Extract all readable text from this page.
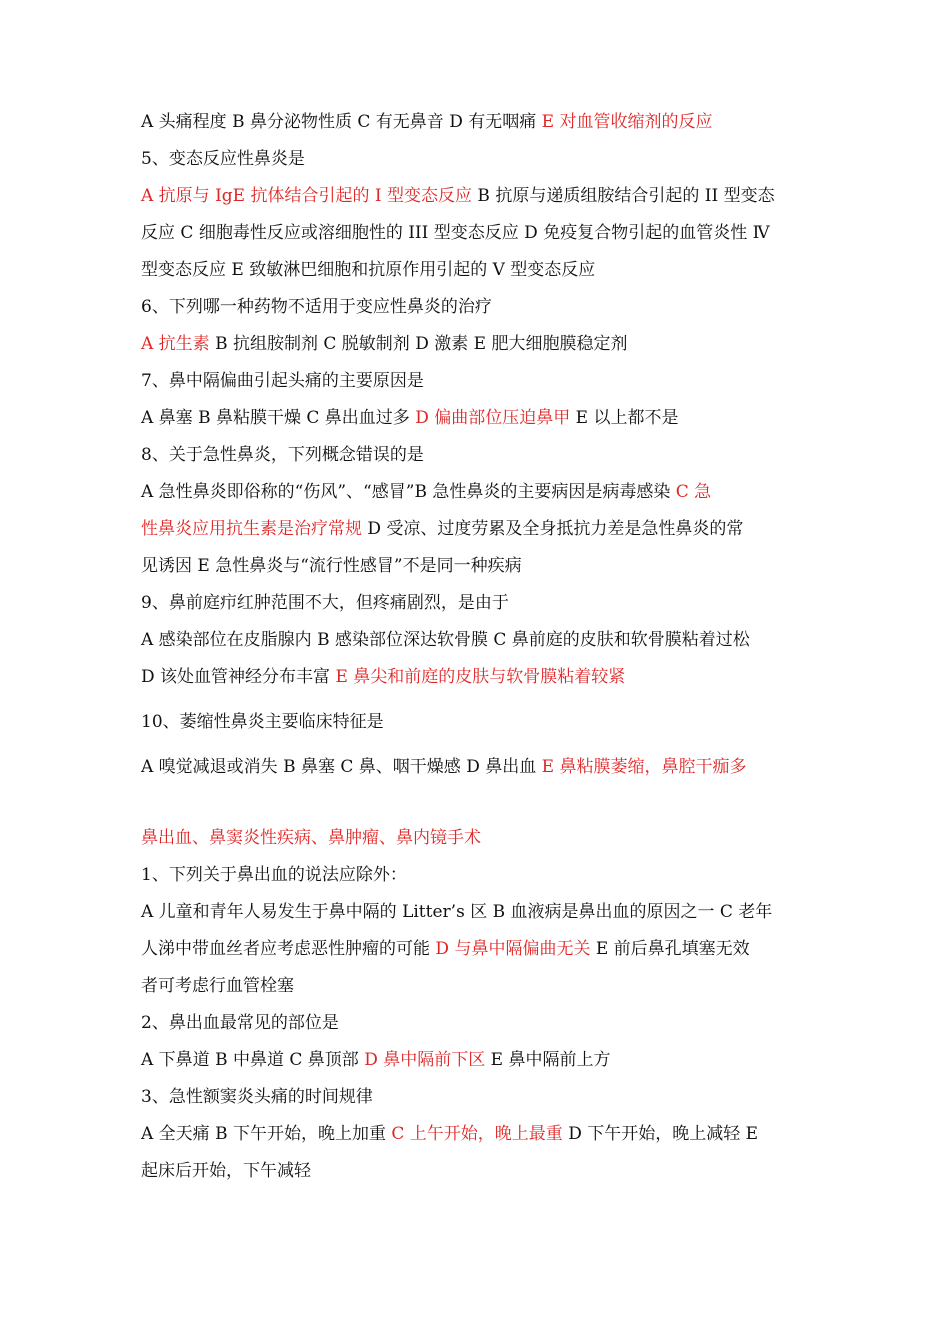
A 头痛程度 B 鼻分泌物性质 C 有无鼻音 D 有无咽痛 E 对血管收缩剂的反应
5、变态反应性鼻炎是
A 抗原与 IgE 抗体结合引起的 I 型变态反应 B 抗原与递质组胺结合引起的 II 型变态
反应 C 细胞毒性反应或溶细胞性的 III 型变态反应 D 免疫复合物引起的血管炎性 Ⅳ
型变态反应 E 致敏淋巴细胞和抗原作用引起的 V 型变态反应
6、下列哪一种药物不适用于变应性鼻炎的治疗
A 抗生素 B 抗组胺制剂 C 脱敏制剂 D 激素 E 肥大细胞膜稳定剂
7、鼻中隔偏曲引起头痛的主要原因是
A 鼻塞 B 鼻粘膜干燥 C 鼻出血过多 D 偏曲部位压迫鼻甲 E 以上都不是
8、关于急性鼻炎，下列概念错误的是
A 急性鼻炎即俗称的“伤风”、“感冒”B 急性鼻炎的主要病因是病毒感染 C 急
性鼻炎应用抗生素是治疗常规 D 受凉、过度劳累及全身抵抗力差是急性鼻炎的常
见诱因 E 急性鼻炎与“流行性感冒”不是同一种疾病
9、鼻前庭疖红肿范围不大，但疼痛剧烈，是由于
A 感染部位在皮脂腺内 B 感染部位深达软骨膜 C 鼻前庭的皮肤和软骨膜粘着过松
D 该处血管神经分布丰富 E 鼻尖和前庭的皮肤与软骨膜粘着较紧
10、萎缩性鼻炎主要临床特征是
A 嗅觉减退或消失 B 鼻塞 C 鼻、咽干燥感 D 鼻出血 E 鼻粘膜萎缩，鼻腔干痂多
鼻出血、鼻窦炎性疾病、鼻肿瘤、鼻内镜手术
1、下列关于鼻出血的说法应除外：
A 儿童和青年人易发生于鼻中隔的 Litter’s 区 B 血液病是鼻出血的原因之一 C 老年
人涕中带血丝者应考虑恶性肿瘤的可能 D 与鼻中隔偏曲无关 E 前后鼻孔填塞无效
者可考虑行血管栓塞
2、鼻出血最常见的部位是
A 下鼻道 B 中鼻道 C 鼻顶部 D 鼻中隔前下区 E 鼻中隔前上方
3、急性额窦炎头痛的时间规律
A 全天痛 B 下午开始，晚上加重 C 上午开始，晚上最重 D 下午开始，晚上减轻 E
起床后开始，下午减轻
